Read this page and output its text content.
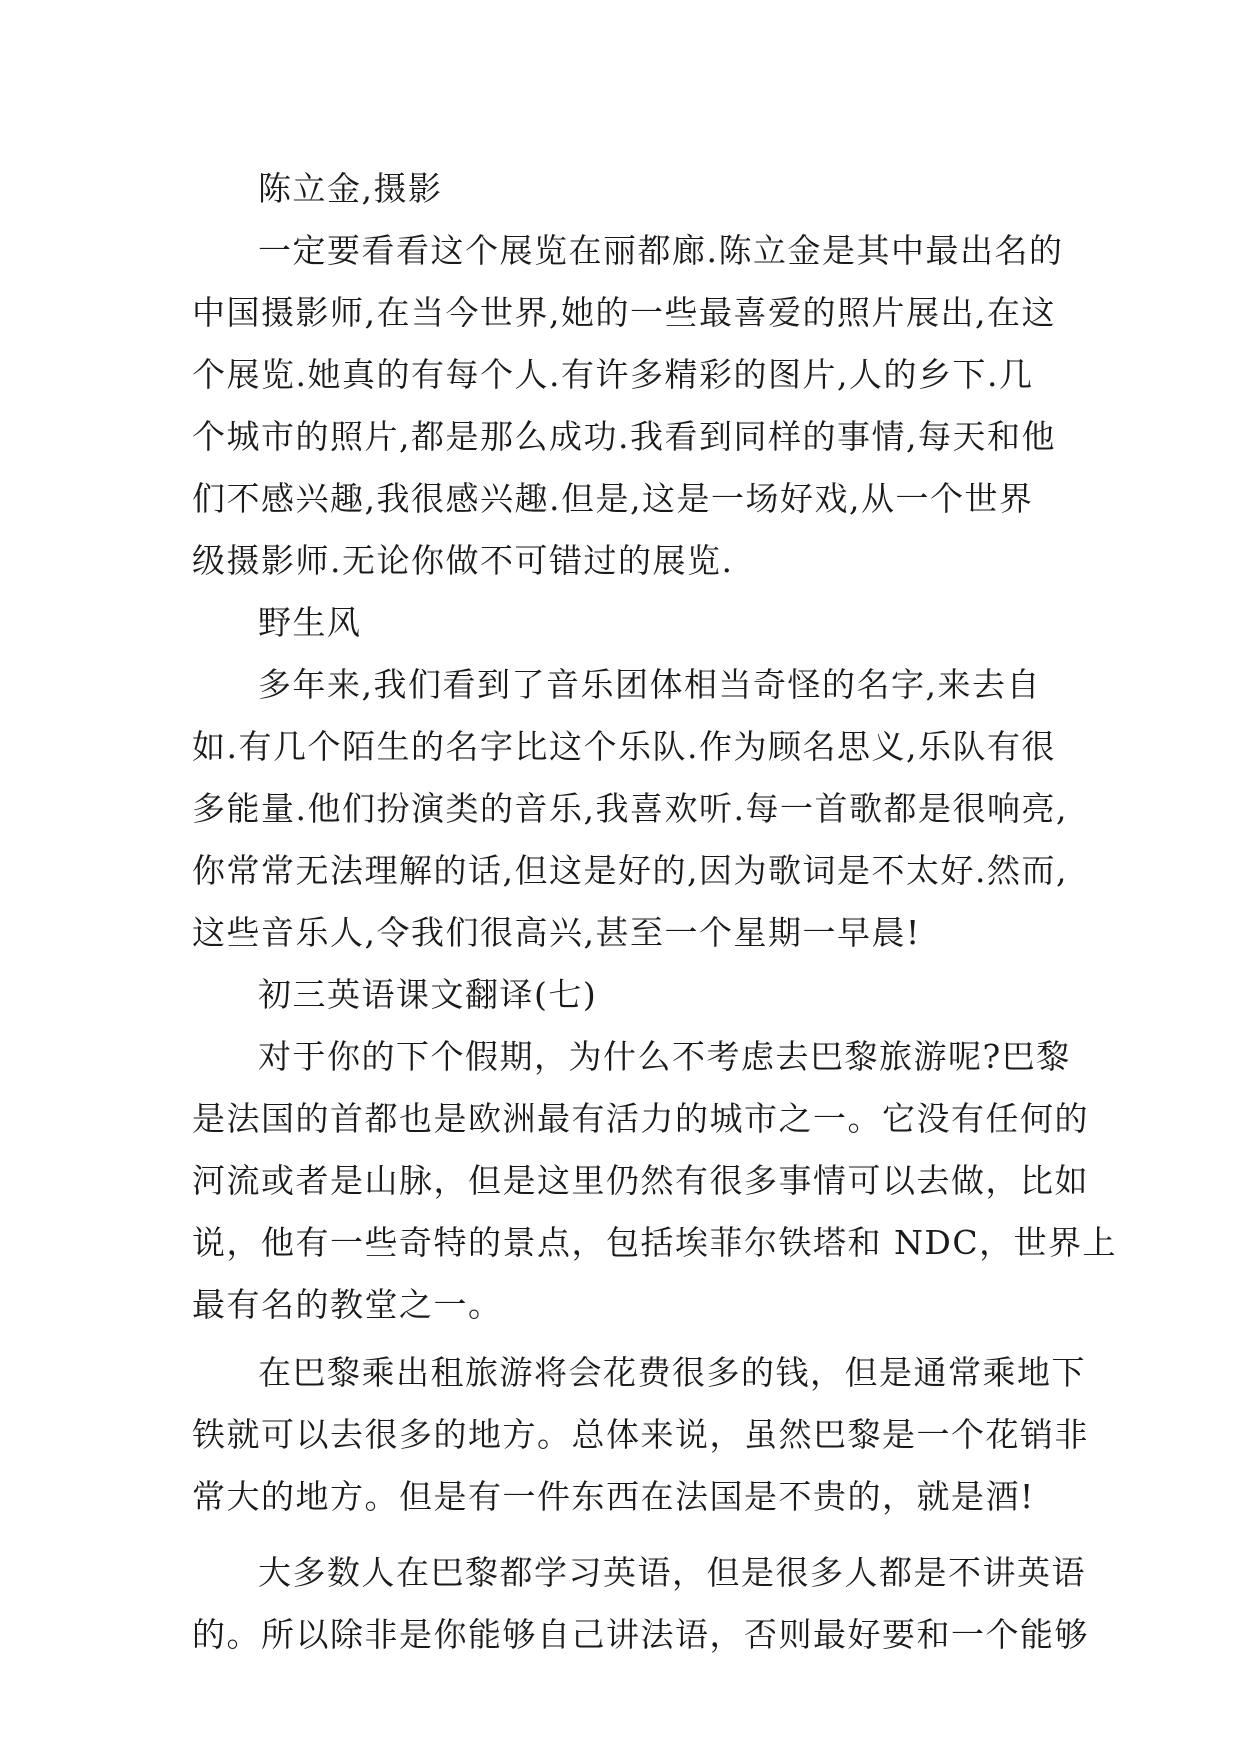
陈立金,摄影
一定要看看这个展览在丽都廊.陈立金是其中最出名的
中国摄影师,在当今世界,她的一些最喜爱的照片展出,在这
个展览.她真的有每个人.有许多精彩的图片,人的乡下.几
个城市的照片,都是那么成功.我看到同样的事情,每天和他
们不感兴趣,我很感兴趣.但是,这是一场好戏,从一个世界
级摄影师.无论你做不可错过的展览.
野生风
多年来,我们看到了音乐团体相当奇怪的名字,来去自
如.有几个陌生的名字比这个乐队.作为顾名思义,乐队有很
多能量.他们扮演类的音乐,我喜欢听.每一首歌都是很响亮,
你常常无法理解的话,但这是好的,因为歌词是不太好.然而,
这些音乐人,令我们很高兴,甚至一个星期一早晨!
初三英语课文翻译(七)
对于你的下个假期，为什么不考虑去巴黎旅游呢?巴黎
是法国的首都也是欧洲最有活力的城市之一。它没有任何的
河流或者是山脉，但是这里仍然有很多事情可以去做，比如
说，他有一些奇特的景点，包括埃菲尔铁塔和 NDC，世界上
最有名的教堂之一。
在巴黎乘出租旅游将会花费很多的钱，但是通常乘地下
铁就可以去很多的地方。总体来说，虽然巴黎是一个花销非
常大的地方。但是有一件东西在法国是不贵的，就是酒!
大多数人在巴黎都学习英语，但是很多人都是不讲英语
的。所以除非是你能够自己讲法语，否则最好要和一个能够
